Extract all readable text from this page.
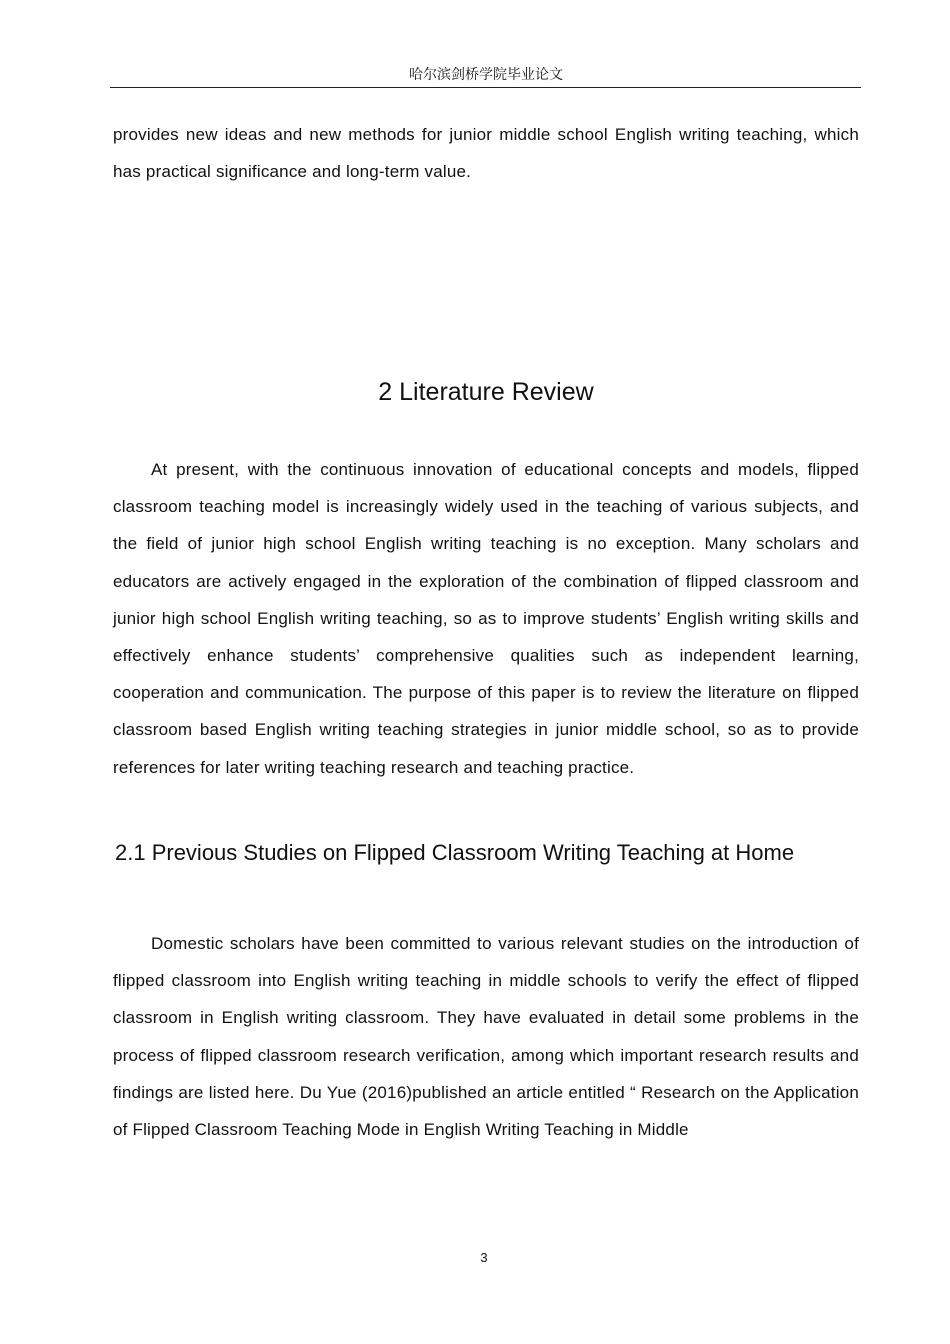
哈尔滨剑桥学院毕业论文

provides new ideas and new methods for junior middle school English writing teaching, which has practical significance and long-term value.

2 Literature Review

At present, with the continuous innovation of educational concepts and models, flipped classroom teaching model is increasingly widely used in the teaching of various subjects, and the field of junior high school English writing teaching is no exception. Many scholars and educators are actively engaged in the exploration of the combination of flipped classroom and junior high school English writing teaching, so as to improve students’ English writing skills and effectively enhance students’ comprehensive qualities such as independent learning, cooperation and communication. The purpose of this paper is to review the literature on flipped classroom based English writing teaching strategies in junior middle school, so as to provide references for later writing teaching research and teaching practice.

2.1 Previous Studies on Flipped Classroom Writing Teaching at Home

Domestic scholars have been committed to various relevant studies on the introduction of flipped classroom into English writing teaching in middle schools to verify the effect of flipped classroom in English writing classroom. They have evaluated in detail some problems in the process of flipped classroom research verification, among which important research results and findings are listed here. Du Yue (2016)published an article entitled “ Research on the Application of Flipped Classroom Teaching Mode in English Writing Teaching in Middle

3
